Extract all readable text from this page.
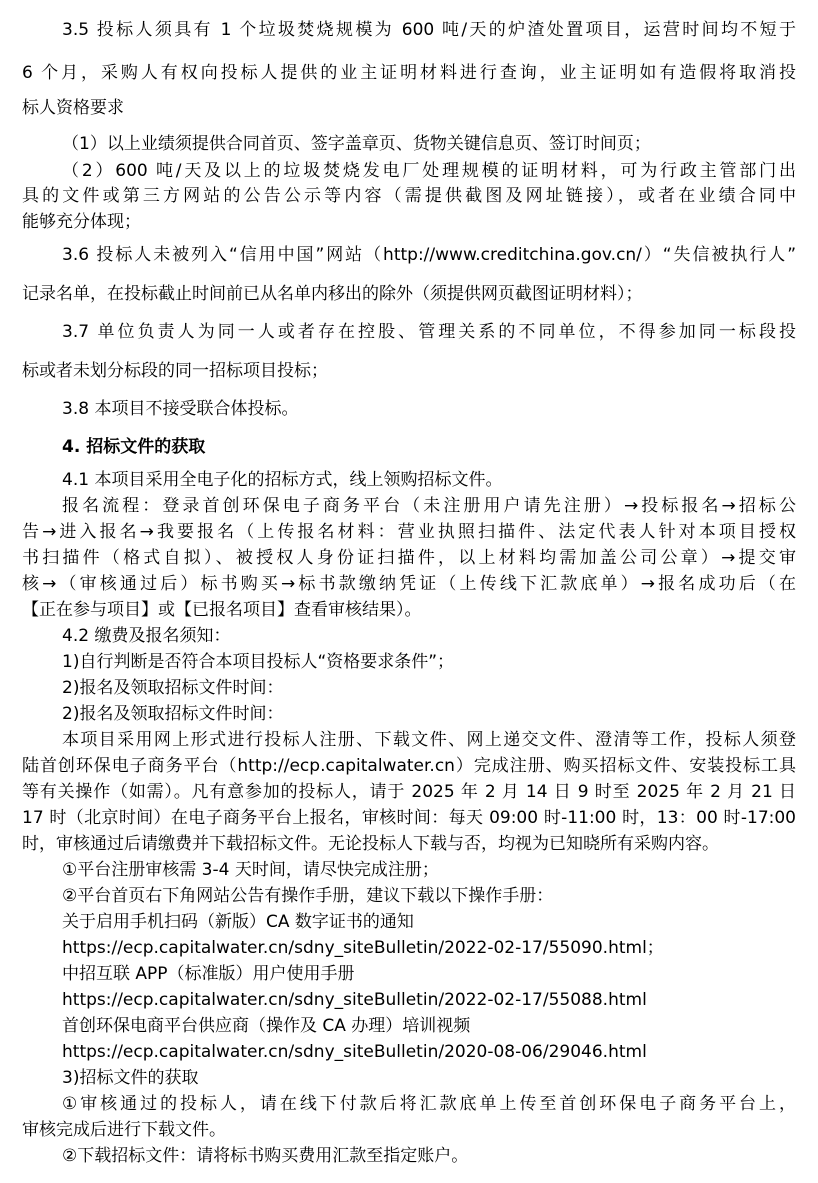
3.5 投标人须具有 1 个垃圾焚烧规模为 600 吨/天的炉渣处置项目，运营时间均不短于
6 个月，采购人有权向投标人提供的业主证明材料进行查询，业主证明如有造假将取消投
标人资格要求
（1）以上业绩须提供合同首页、签字盖章页、货物关键信息页、签订时间页；
（2）600 吨/天及以上的垃圾焚烧发电厂处理规模的证明材料，可为行政主管部门出
具的文件或第三方网站的公告公示等内容（需提供截图及网址链接），或者在业绩合同中
能够充分体现；
3.6 投标人未被列入“信用中国”网站（http://www.creditchina.gov.cn/）“失信被执行人”
记录名单，在投标截止时间前已从名单内移出的除外（须提供网页截图证明材料）；
3.7 单位负责人为同一人或者存在控股、管理关系的不同单位，不得参加同一标段投
标或者未划分标段的同一招标项目投标；
3.8 本项目不接受联合体投标。
4. 招标文件的获取
4.1 本项目采用全电子化的招标方式，线上领购招标文件。
报名流程：登录首创环保电子商务平台（未注册用户请先注册）→投标报名→招标公
告→进入报名→我要报名（上传报名材料：营业执照扫描件、法定代表人针对本项目授权
书扫描件（格式自拟）、被授权人身份证扫描件，以上材料均需加盖公司公章）→提交审
核→（审核通过后）标书购买→标书款缴纳凭证（上传线下汇款底单）→报名成功后（在
【正在参与项目】或【已报名项目】查看审核结果）。
4.2 缴费及报名须知：
1)自行判断是否符合本项目投标人“资格要求条件”；
2)报名及领取招标文件时间：
2)报名及领取招标文件时间：
本项目采用网上形式进行投标人注册、下载文件、网上递交文件、澄清等工作，投标人须登
陆首创环保电子商务平台（http://ecp.capitalwater.cn）完成注册、购买招标文件、安装投标工具
等有关操作（如需）。凡有意参加的投标人，请于 2025 年 2 月 14 日 9 时至 2025 年 2 月 21 日
17 时（北京时间）在电子商务平台上报名，审核时间：每天 09:00 时-11:00 时，13：00 时-17:00
时，审核通过后请缴费并下载招标文件。无论投标人下载与否，均视为已知晓所有采购内容。
①平台注册审核需 3-4 天时间，请尽快完成注册；
②平台首页右下角网站公告有操作手册，建议下载以下操作手册：
关于启用手机扫码（新版）CA 数字证书的通知
https://ecp.capitalwater.cn/sdny_siteBulletin/2022-02-17/55090.html；
中招互联 APP（标准版）用户使用手册
https://ecp.capitalwater.cn/sdny_siteBulletin/2022-02-17/55088.html
首创环保电商平台供应商（操作及 CA 办理）培训视频
https://ecp.capitalwater.cn/sdny_siteBulletin/2020-08-06/29046.html
3)招标文件的获取
①审核通过的投标人，请在线下付款后将汇款底单上传至首创环保电子商务平台上，
审核完成后进行下载文件。
②下载招标文件：请将标书购买费用汇款至指定账户。
